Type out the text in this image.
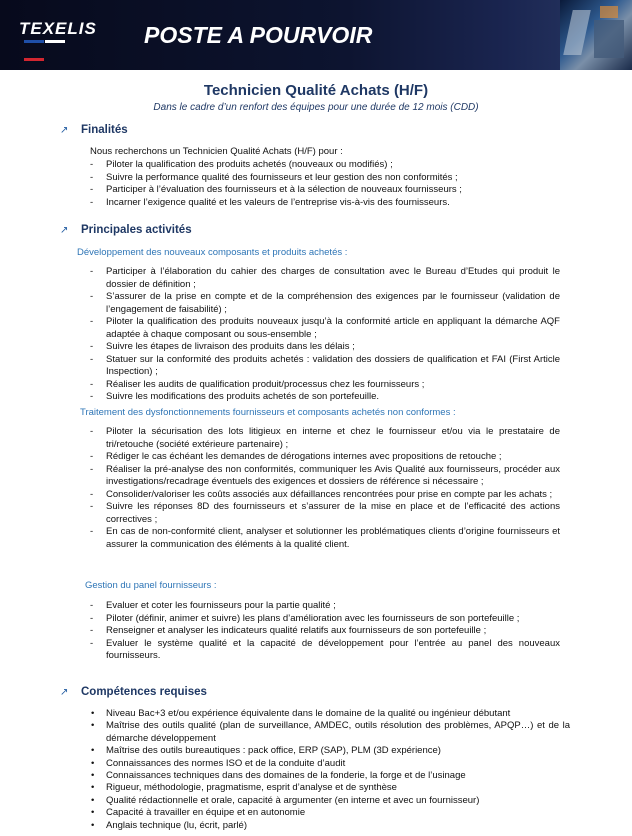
TEXELIS POSTE A POURVOIR
Technicien Qualité Achats (H/F)
Dans le cadre d’un renfort des équipes pour une durée de 12 mois (CDD)
↗ Finalités
Nous recherchons un Technicien Qualité Achats (H/F) pour :
- Piloter la qualification des produits achetés (nouveaux ou modifiés) ;
- Suivre la performance qualité des fournisseurs et leur gestion des non conformités ;
- Participer à l’évaluation des fournisseurs et à la sélection de nouveaux fournisseurs ;
- Incarner l’exigence qualité et les valeurs de l’entreprise vis-à-vis des fournisseurs.
↗ Principales activités
Développement des nouveaux composants et produits achetés :
- Participer à l’élaboration du cahier des charges de consultation avec le Bureau d’Etudes qui produit le dossier de définition ;
- S’assurer de la prise en compte et de la compréhension des exigences par le fournisseur (validation de l’engagement de faisabilité) ;
- Piloter la qualification des produits nouveaux jusqu’à la conformité article en appliquant la démarche AQF adaptée à chaque composant ou sous-ensemble ;
- Suivre les étapes de livraison des produits dans les délais ;
- Statuer sur la conformité des produits achetés : validation des dossiers de qualification et FAI (First Article Inspection) ;
- Réaliser les audits de qualification produit/processus chez les fournisseurs ;
- Suivre les modifications des produits achetés de son portefeuille.
Traitement des dysfonctionnements fournisseurs et composants achetés non conformes :
- Piloter la sécurisation des lots litigieux en interne et chez le fournisseur et/ou via le prestataire de tri/retouche (société extérieure partenaire) ;
- Rédiger le cas échéant les demandes de dérogations internes avec propositions de retouche ;
- Réaliser la pré-analyse des non conformités, communiquer les Avis Qualité aux fournisseurs, procéder aux investigations/recadrage éventuels des exigences et dossiers de référence si nécessaire ;
- Consolider/valoriser les coûts associés aux défaillances rencontrées pour prise en compte par les achats ;
- Suivre les réponses 8D des fournisseurs et s’assurer de la mise en place et de l’efficacité des actions correctives ;
- En cas de non-conformité client, analyser et solutionner les problématiques clients d’origine fournisseurs et assurer la communication des éléments à la qualité client.
Gestion du panel fournisseurs :
- Evaluer et coter les fournisseurs pour la partie qualité ;
- Piloter (définir, animer et suivre) les plans d’amélioration avec les fournisseurs de son portefeuille ;
- Renseigner et analyser les indicateurs qualité relatifs aux fournisseurs de son portefeuille ;
- Evaluer le système qualité et la capacité de développement pour l’entrée au panel des nouveaux fournisseurs.
↗ Compétences requises
• Niveau Bac+3 et/ou expérience équivalente dans le domaine de la qualité ou ingénieur débutant
• Maîtrise des outils qualité (plan de surveillance, AMDEC, outils résolution des problèmes, APQP…) et de la démarche développement
• Maîtrise des outils bureautiques : pack office, ERP (SAP), PLM (3D expérience)
• Connaissances des normes ISO et de la conduite d’audit
• Connaissances techniques dans des domaines de la fonderie, la forge et de l’usinage
• Rigueur, méthodologie, pragmatisme, esprit d’analyse et de synthèse
• Qualité rédactionnelle et orale, capacité à argumenter (en interne et avec un fournisseur)
• Capacité à travailler en équipe et en autonomie
• Anglais technique (lu, écrit, parlé)
